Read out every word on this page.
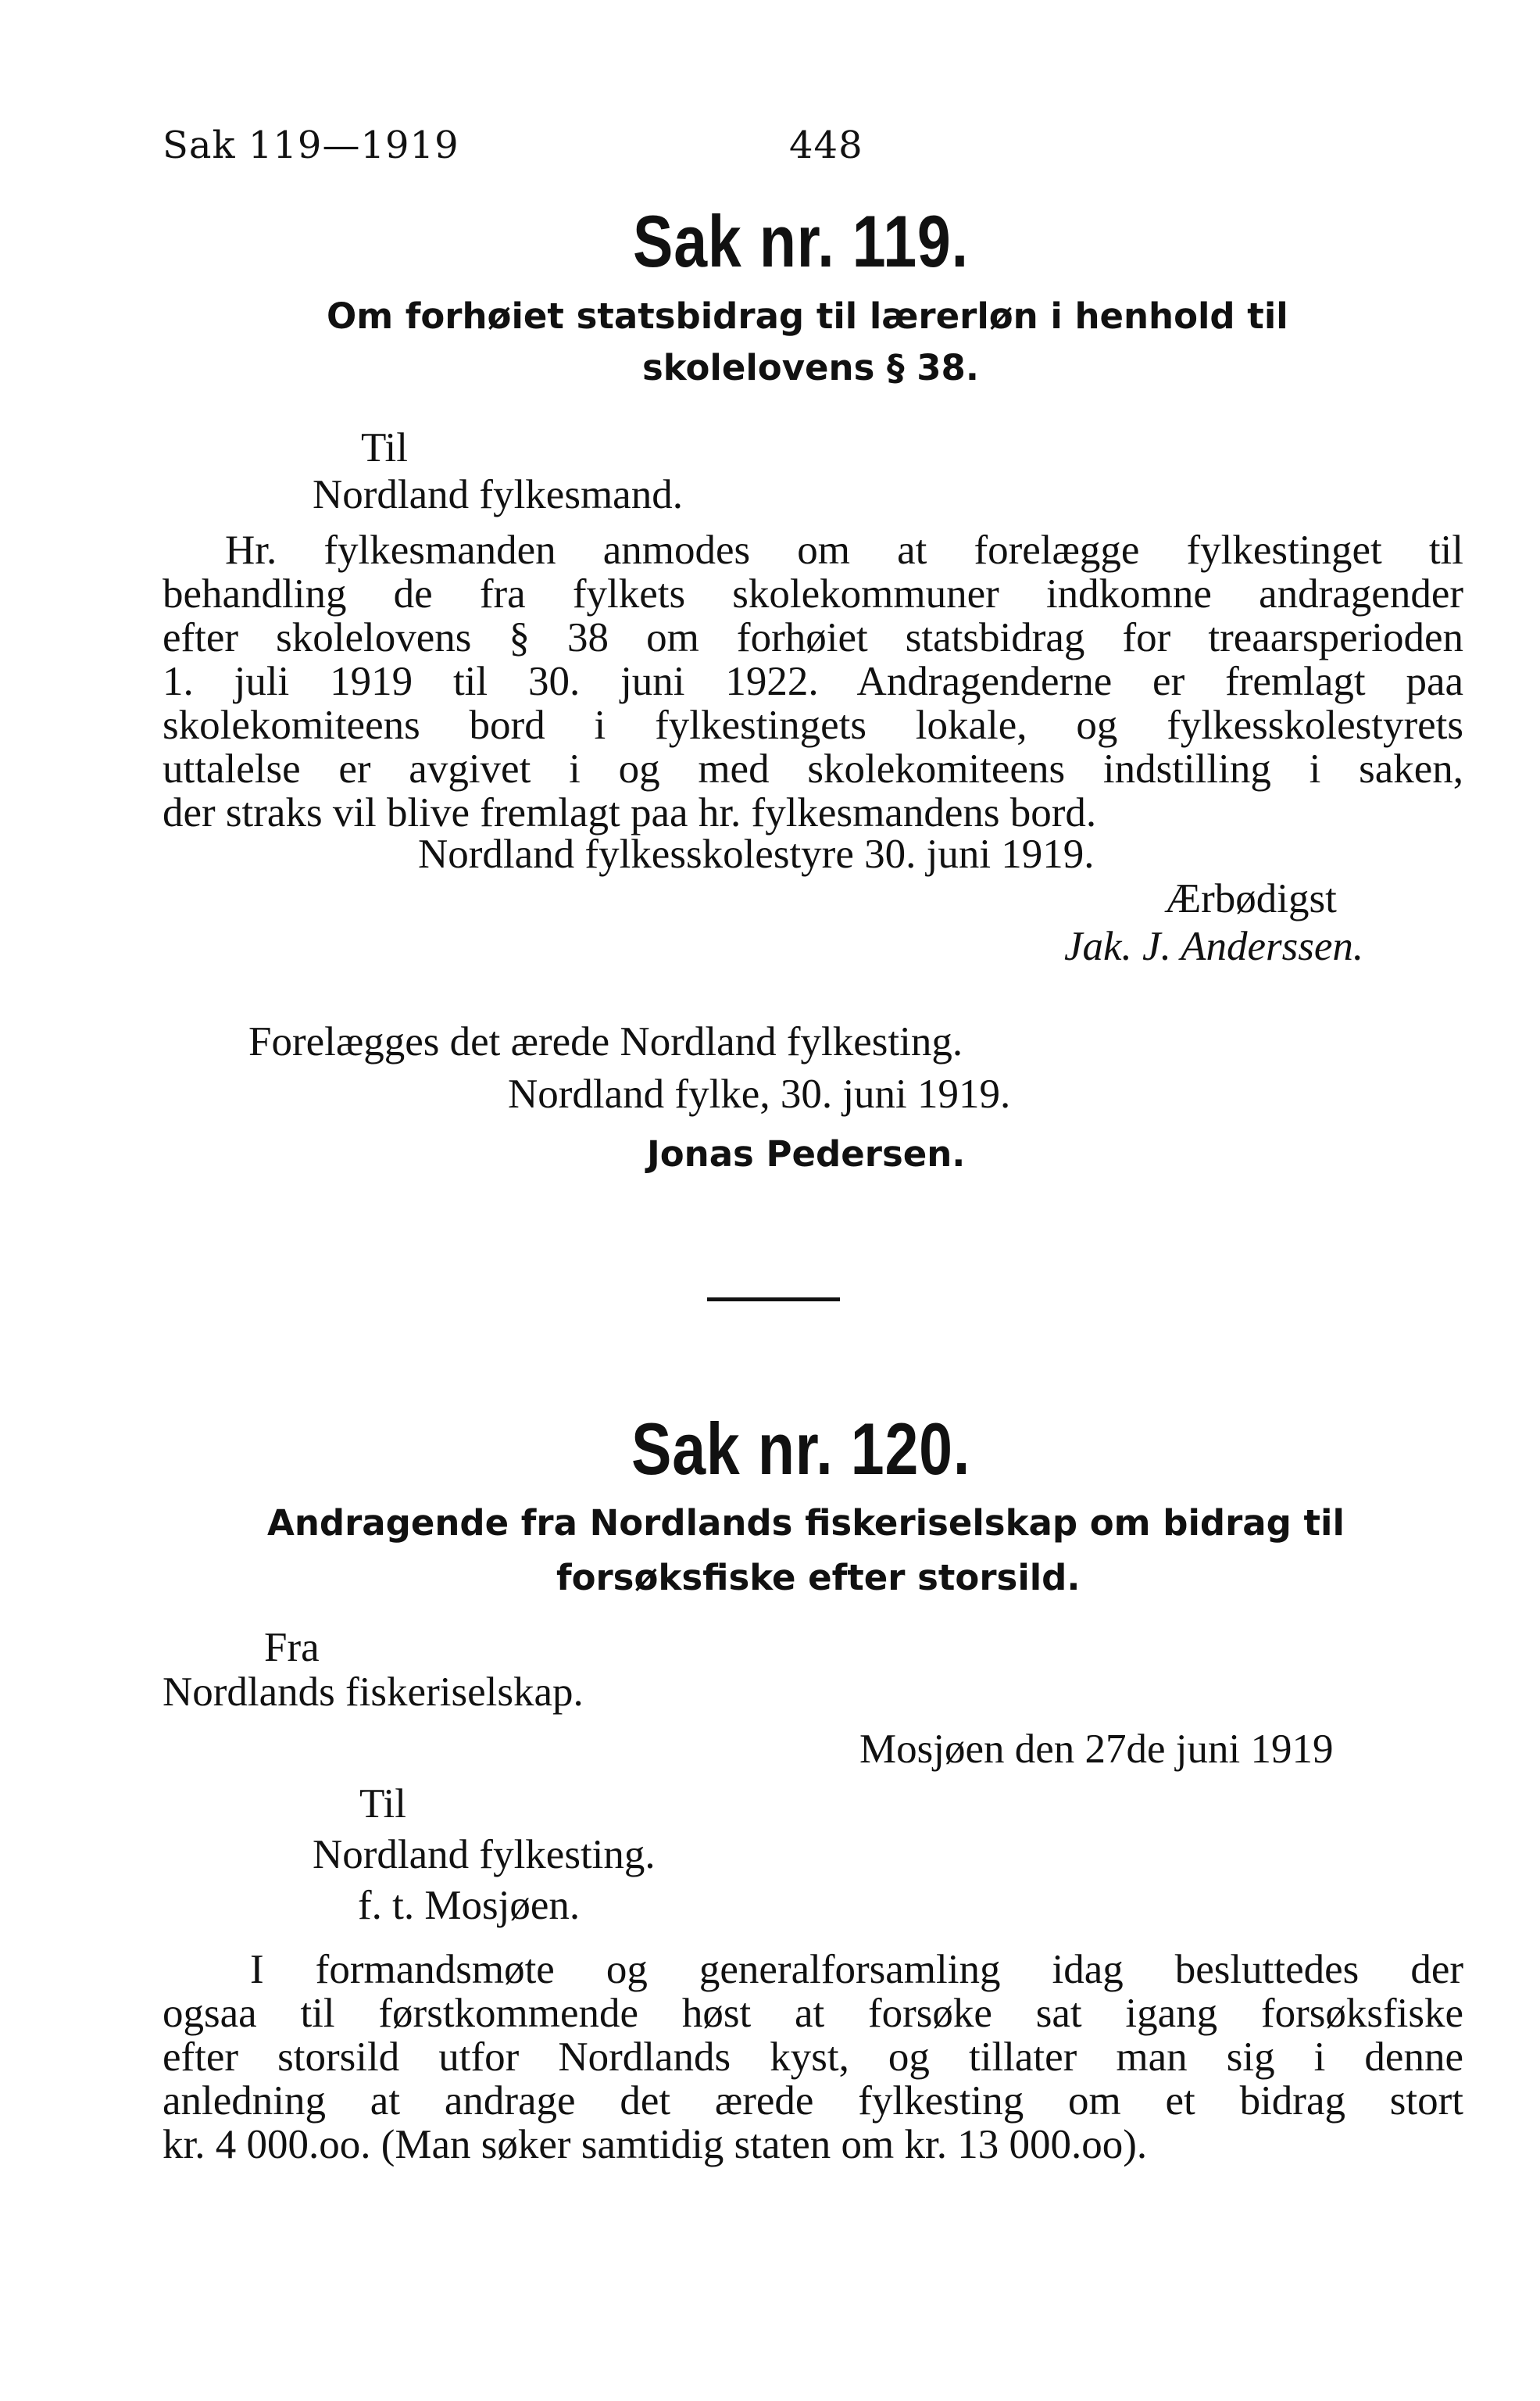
Sak 119—1919	448
Sak nr. 119.
Om forhøiet statsbidrag til lærerløn i henhold til
skolelovens § 38.
Til
Nordland fylkesmand.
Hr. fylkesmanden anmodes om at forelægge fylkestinget til
behandling de fra fylkets skolekommuner indkomne andragender
efter skolelovens § 38 om forhøiet statsbidrag for treaarsperioden
1. juli 1919 til 30. juni 1922. Andragenderne er fremlagt paa
skolekomiteens bord i fylkestingets lokale, og fylkesskolestyrets
uttalelse er avgivet i og med skolekomiteens indstilling i saken,
der straks vil blive fremlagt paa hr. fylkesmandens bord.
Nordland fylkesskolestyre 30. juni 1919.
Ærbødigst
Jak. J. Anderssen.
Forelægges det ærede Nordland fylkesting.
Nordland fylke, 30. juni 1919.
Jonas Pedersen.
Sak nr. 120.
Andragende fra Nordlands fiskeriselskap om bidrag til
forsøksfiske efter storsild.
Fra
Nordlands fiskeriselskap.
Mosjøen den 27de juni 1919
Til
Nordland fylkesting.
f. t. Mosjøen.
I formandsmøte og generalforsamling idag besluttedes der
ogsaa til førstkommende høst at forsøke sat igang forsøksfiske
efter storsild utfor Nordlands kyst, og tillater man sig i denne
anledning at andrage det ærede fylkesting om et bidrag stort
kr. 4 000.oo. (Man søker samtidig staten om kr. 13 000.oo).
